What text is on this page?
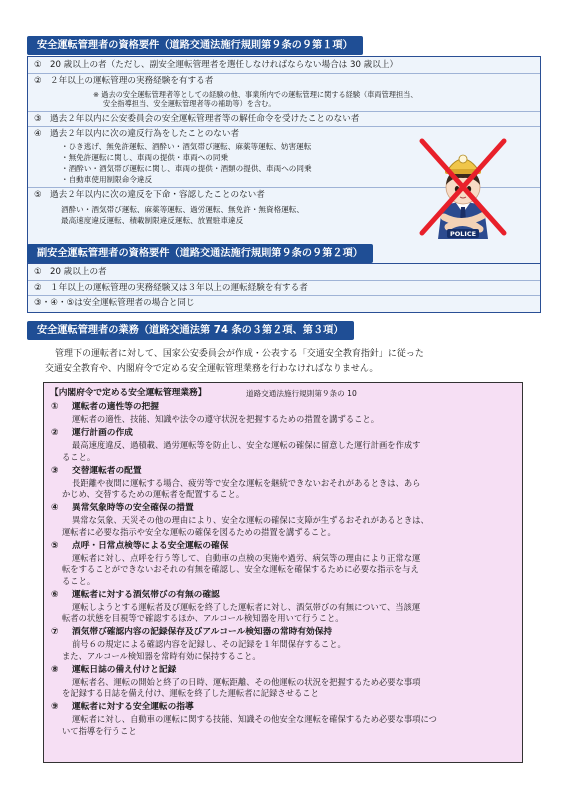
安全運転管理者の資格要件（道路交通法施行規則第９条の９第１項）
① 20 歳以上の者（ただし、副安全運転管理者を選任しなければならない場合は 30 歳以上）
② ２年以上の運転管理の実務経験を有する者
※ 過去の安全運転管理者等としての経験の他、事業所内での運転管理に関する経験（車両管理担当、
安全指導担当、安全運転管理者等の補助等）を含む。
③ 過去２年以内に公安委員会の安全運転管理者等の解任命令を受けたことのない者
④ 過去２年以内に次の違反行為をしたことのない者
・ひき逃げ、無免許運転、酒酔い・酒気帯び運転、麻薬等運転、妨害運転
・無免許運転に関し、車両の提供・車両への同乗
・酒酔い・酒気帯び運転に関し、車両の提供・酒類の提供、車両への同乗
・自動車使用制限命令違反
⑤ 過去２年以内に次の違反を下命・容認したことのない者
酒酔い・酒気帯び運転、麻薬等運転、過労運転、無免許・無資格運転、
最高速度違反運転、積載制限違反運転、放置駐車違反
POLICE
副安全運転管理者の資格要件（道路交通法施行規則第９条の９第２項）
① 20 歳以上の者
② １年以上の運転管理の実務経験又は３年以上の運転経験を有する者
③・④・⑤は安全運転管理者の場合と同じ
安全運転管理者の業務（道路交通法第 74 条の３第２項、第３項）
管理下の運転者に対して、国家公安委員会が作成・公表する「交通安全教育指針」に従った
交通安全教育や、内閣府令で定める安全運転管理業務を行わなければなりません。
【内閣府令で定める安全運転管理業務】	道路交通法施行規則第９条の 10
① 運転者の適性等の把握
運転者の適性、技能、知識や法令の遵守状況を把握するための措置を講ずること。
② 運行計画の作成
最高速度違反、過積載、過労運転等を防止し、安全な運転の確保に留意した運行計画を作成す
ること。
③ 交替運転者の配置
長距離や夜間に運転する場合、疲労等で安全な運転を継続できないおそれがあるときは、あら
かじめ、交替するための運転者を配置すること。
④ 異常気象時等の安全確保の措置
異常な気象、天災その他の理由により、安全な運転の確保に支障が生ずるおそれがあるときは、
運転者に必要な指示や安全な運転の確保を図るための措置を講ずること。
⑤ 点呼・日常点検等による安全運転の確保
運転者に対し、点呼を行う等して、自動車の点検の実施や過労、病気等の理由により正常な運
転をすることができないおそれの有無を確認し、安全な運転を確保するために必要な指示を与え
ること。
⑥ 運転者に対する酒気帯びの有無の確認
運転しようとする運転者及び運転を終了した運転者に対し、酒気帯びの有無について、当該運
転者の状態を目視等で確認するほか、アルコール検知器を用いて行うこと。
⑦ 酒気帯び確認内容の記録保存及びアルコール検知器の常時有効保持
前号６の規定による確認内容を記録し、その記録を１年間保存すること。
また、アルコール検知器を常時有効に保持すること。
⑧ 運転日誌の備え付けと記録
運転者名、運転の開始と終了の日時、運転距離、その他運転の状況を把握するため必要な事項
を記録する日誌を備え付け、運転を終了した運転者に記録させること
⑨ 運転者に対する安全運転の指導
運転者に対し、自動車の運転に関する技能、知識その他安全な運転を確保するため必要な事項につ
いて指導を行うこと
